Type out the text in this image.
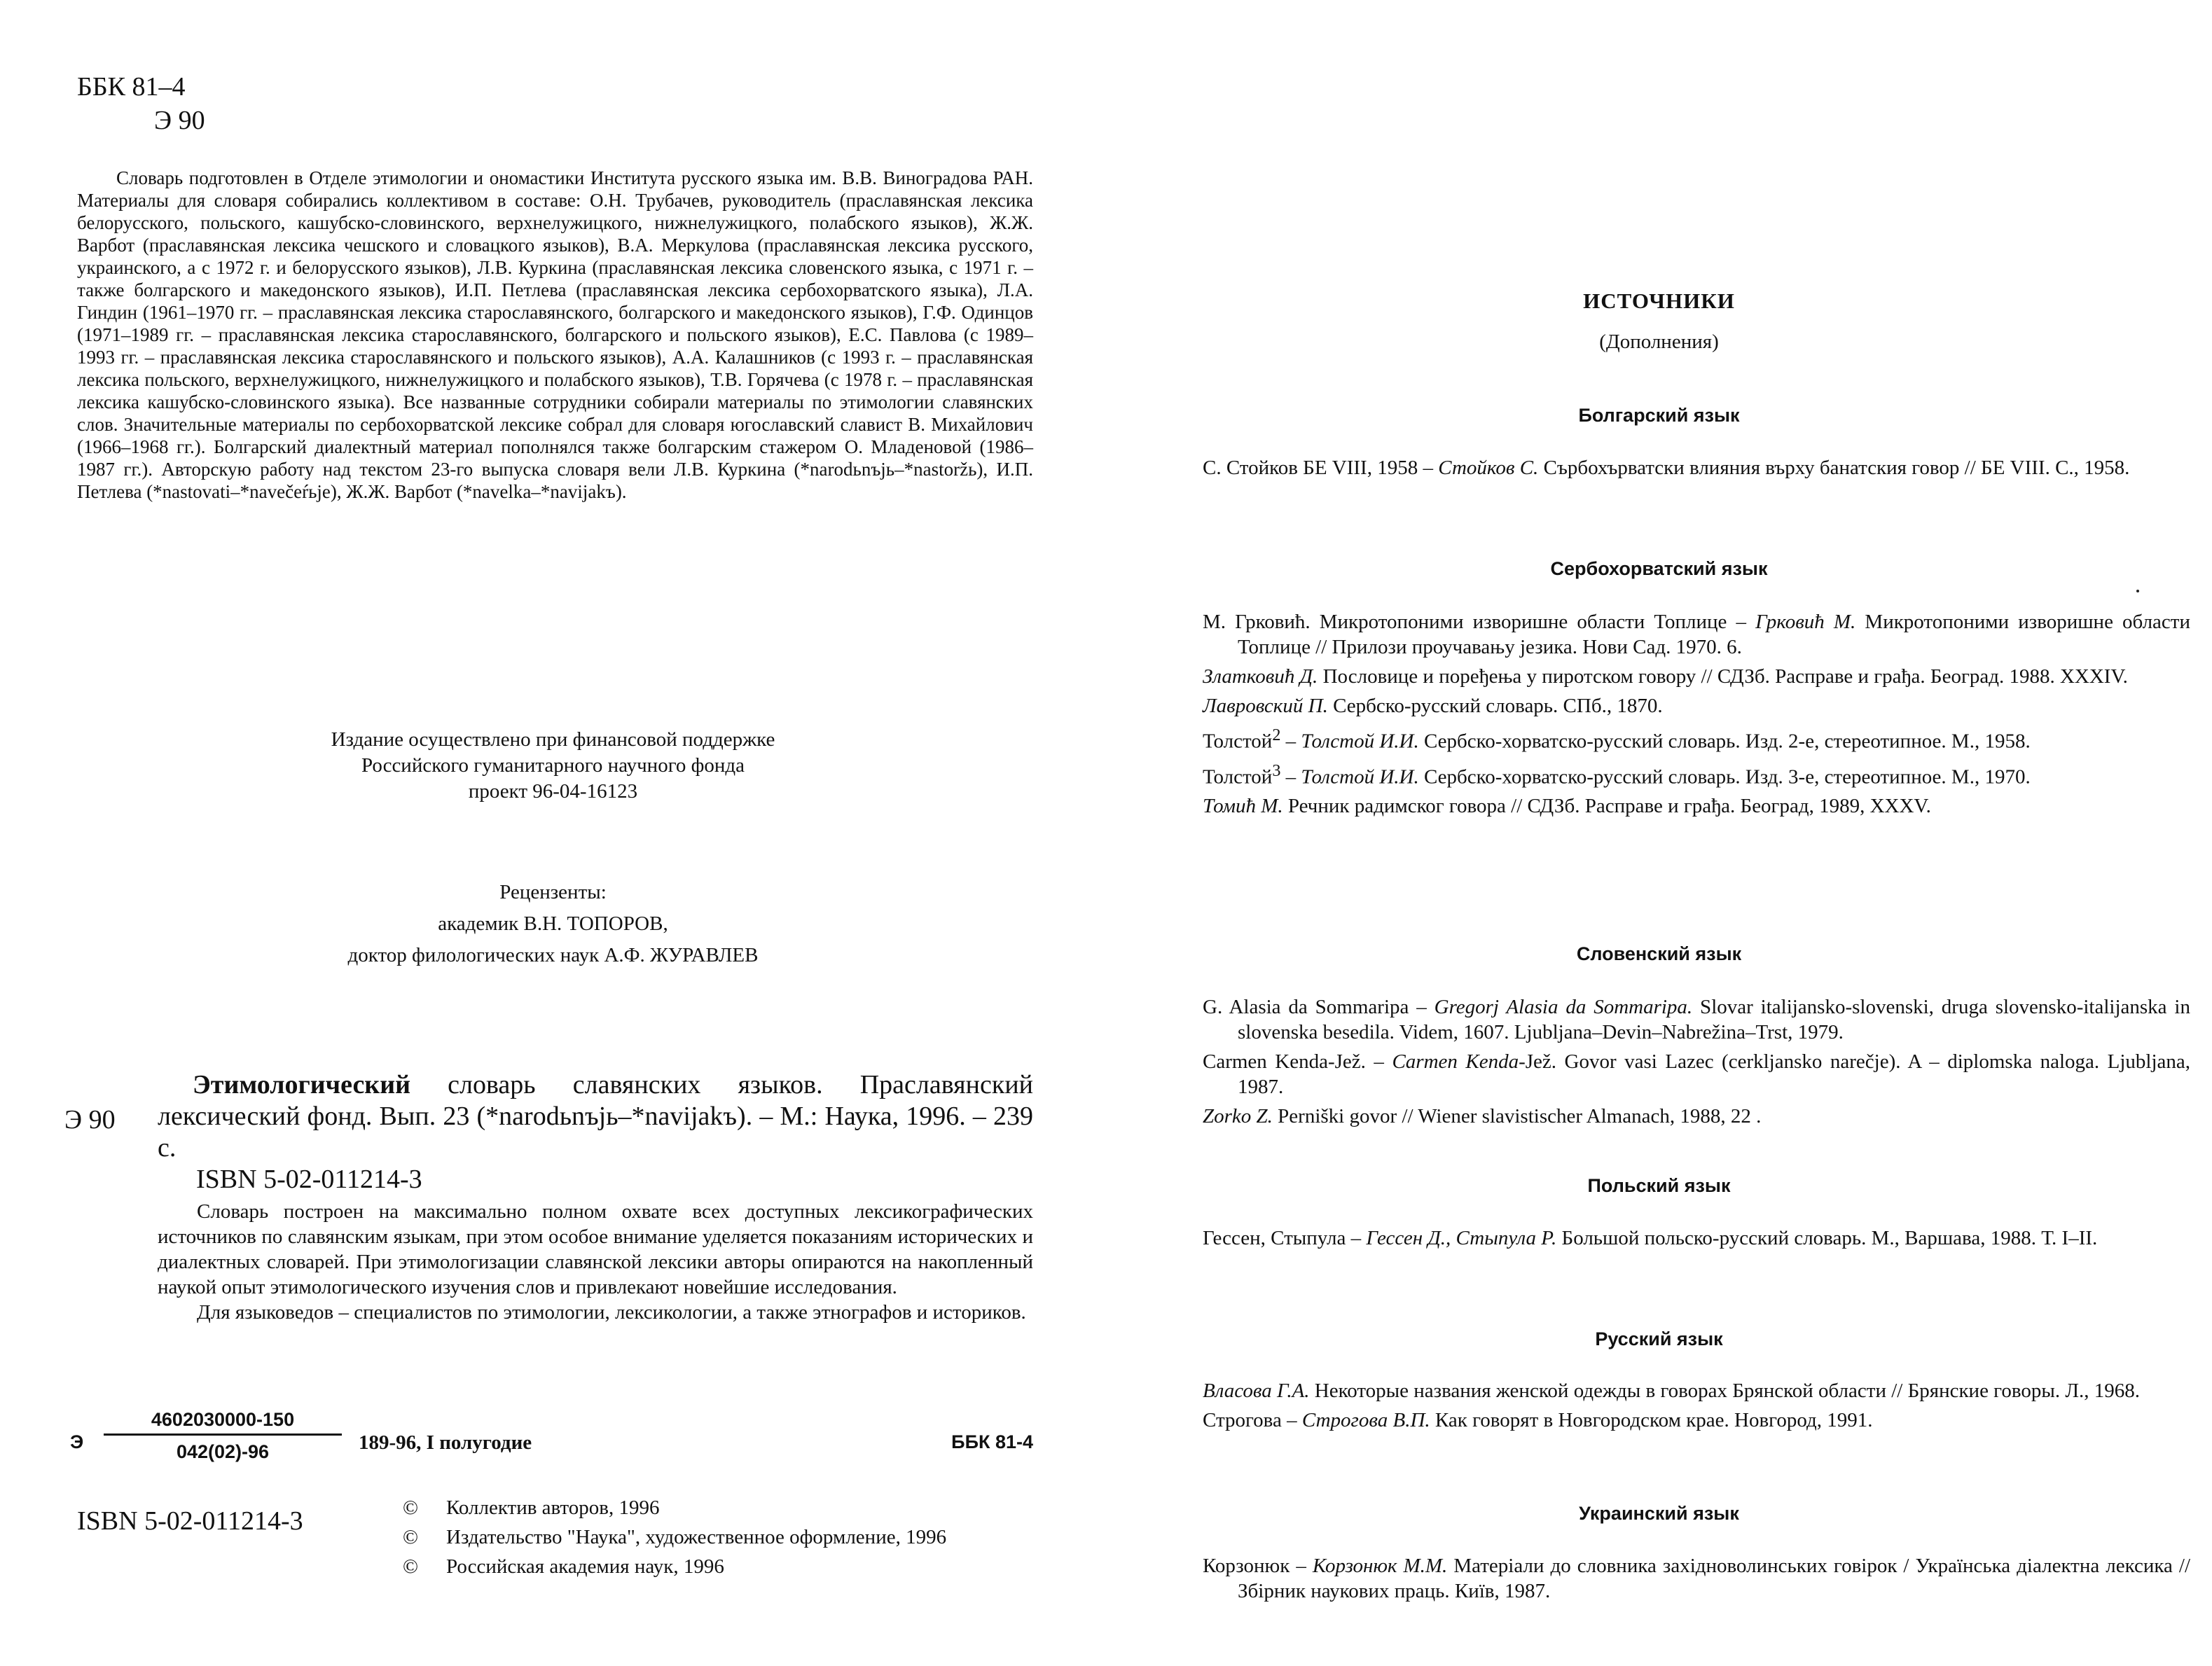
ББК 81–4
Э 90

Словарь подготовлен в Отделе этимологии и ономастики Института русского языка им. В.В. Виноградова РАН. Материалы для словаря собирались коллективом в составе: О.Н. Трубачев, руководитель (праславянская лексика белорусского, польского, кашубско-словинского, верхнелужицкого, нижнелужицкого, полабского языков), Ж.Ж. Варбот (праславянская лексика чешского и словацкого языков), В.А. Меркулова (праславянская лексика русского, украинского, а с 1972 г. и белорусского языков), Л.В. Куркина (праславянская лексика словенского языка, с 1971 г. – также болгарского и македонского языков), И.П. Петлева (праславянская лексика сербохорватского языка), Л.А. Гиндин (1961–1970 гг. – праславянская лексика старославянского, болгарского и македонского языков), Г.Ф. Одинцов (1971–1989 гг. – праславянская лексика старославянского, болгарского и польского языков), Е.С. Павлова (с 1989–1993 гг. – праславянская лексика старославянского и польского языков), А.А. Калашников (с 1993 г. – праславянская лексика польского, верхнелужицкого, нижнелужицкого и полабского языков), Т.В. Горячева (с 1978 г. – праславянская лексика кашубско-словинского языка). Все названные сотрудники собирали материалы по этимологии славянских слов. Значительные материалы по сербохорватской лексике собрал для словаря югославский славист В. Михайлович (1966–1968 гг.). Болгарский диалектный материал пополнялся также болгарским стажером О. Младеновой (1986–1987 гг.). Авторскую работу над текстом 23-го выпуска словаря вели Л.В. Куркина (*narodьnъjь–*nastoržь), И.П. Петлева (*nastovati–*navečeŕьje), Ж.Ж. Варбот (*navelka–*navijakъ).

Издание осуществлено при финансовой поддержке
Российского гуманитарного научного фонда
проект 96-04-16123
Рецензенты:
академик В.Н. ТОПОРОВ,
доктор филологических наук А.Ф. ЖУРАВЛЕВ
Э 90
Этимологический словарь славянских языков. Праславянский лексический фонд. Вып. 23 (*narodьnъjь–*navijakъ). – М.: Наука, 1996. – 239 с.
ISBN 5-02-011214-3

Словарь построен на максимально полном охвате всех доступных лексикографических источников по славянским языкам, при этом особое внимание уделяется показаниям исторических и диалектных словарей. При этимологизации славянской лексики авторы опираются на накопленный наукой опыт этимологического изучения слов и привлекают новейшие исследования.

Для языковедов – специалистов по этимологии, лексикологии, а также этнографов и историков.

Э
4602030000-150
042(02)-96	189-96, I полугодие	ББК 81-4
ISBN 5-02-011214-3	© Коллектив авторов, 1996
© Издательство "Наука", художественное оформление, 1996
© Российская академия наук, 1996
ИСТОЧНИКИ
(Дополнения)
Болгарский язык
С. Стойков БЕ VIII, 1958 – Стойков С. Сърбохърватски влияния върху банатския говор // БЕ VIII. С., 1958.
Сербохорватский язык
М. Грковић. Микротопоними изворишне области Топлице – Грковић М. Микротопоними изворишне области Топлице // Прилози проучавању језика. Нови Сад. 1970. 6.
Златковић Д. Пословице и поређења у пиротском говору // СДЗб. Расправе и грађа. Београд. 1988. XXXIV.
Лавровский П. Сербско-русский словарь. СПб., 1870.
Толстой$^2$ – Толстой И.И. Сербско-хорватско-русский словарь. Изд. 2-е, стереотипное. М., 1958.
Толстой$^3$ – Толстой И.И. Сербско-хорватско-русский словарь. Изд. 3-е, стереотипное. М., 1970.
Томић М. Речник радимског говора // СДЗб. Расправе и грађа. Београд, 1989, XXXV.
Словенский язык
G. Alasia da Sommaripa – Gregorj Alasia da Sommaripa. Slovar italijansko-slovenski, druga slovensko-italijanska in slovenska besedila. Videm, 1607. Ljubljana–Devin–Nabrežina–Trst, 1979.
Carmen Kenda-Jež. – Carmen Kenda-Jež. Govor vasi Lazec (cerkljansko narečje). A – diplomska naloga. Ljubljana, 1987.
Zorko Z. Perniški govor // Wiener slavistischer Almanach, 1988, 22 .
Польский язык
Гессен, Стыпула – Гессен Д., Стыпула Р. Большой польско-русский словарь. М., Варшава, 1988. Т. I–II.
Русский язык
Власова Г.А. Некоторые названия женской одежды в говорах Брянской области // Брянские говоры. Л., 1968.
Строгова – Строгова В.П. Как говорят в Новгородском крае. Новгород, 1991.
Украинский язык
Корзонюк – Корзонюк М.М. Матеріали до словника західноволинських говірок / Українська діалектна лексика // Збірник наукових праць. Київ, 1987.
